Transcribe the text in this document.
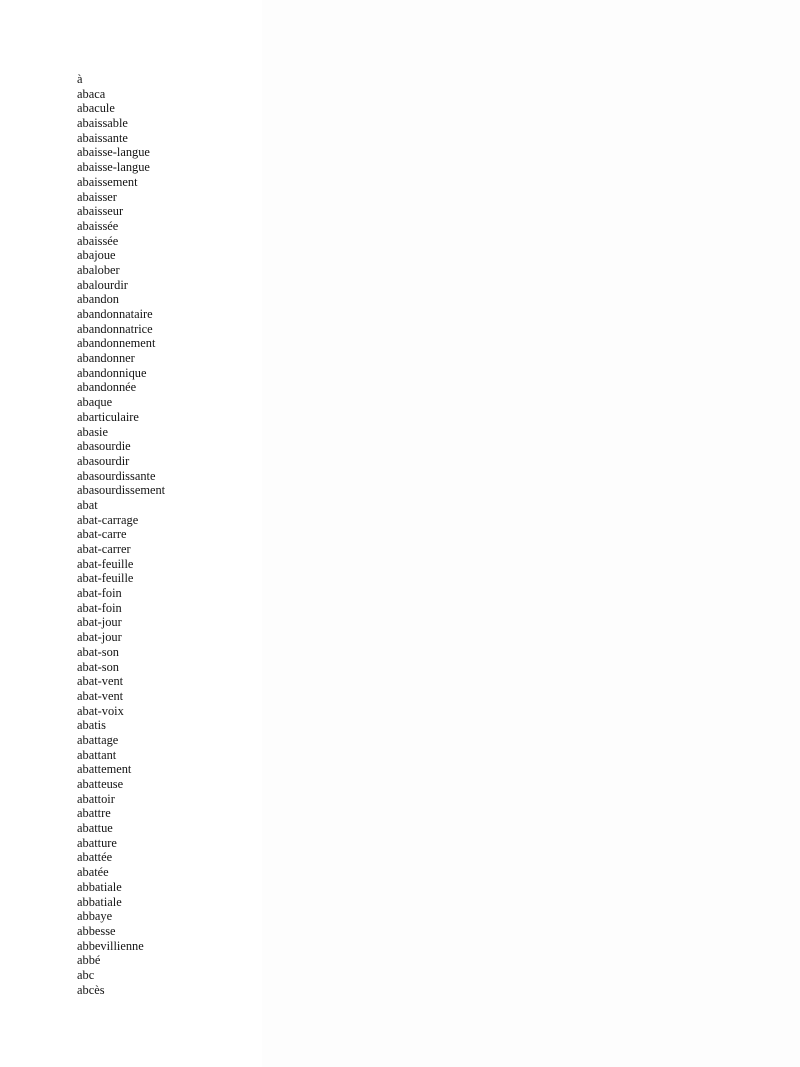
à
abaca
abacule
abaissable
abaissante
abaisse-langue
abaisse-langue
abaissement
abaisser
abaisseur
abaissée
abaissée
abajoue
abalober
abalourdir
abandon
abandonnataire
abandonnatrice
abandonnement
abandonner
abandonnique
abandonnée
abaque
abarticulaire
abasie
abasourdie
abasourdir
abasourdissante
abasourdissement
abat
abat-carrage
abat-carre
abat-carrer
abat-feuille
abat-feuille
abat-foin
abat-foin
abat-jour
abat-jour
abat-son
abat-son
abat-vent
abat-vent
abat-voix
abatis
abattage
abattant
abattement
abatteuse
abattoir
abattre
abattue
abatture
abattée
abatée
abbatiale
abbatiale
abbaye
abbesse
abbevillienne
abbé
abc
abcès
